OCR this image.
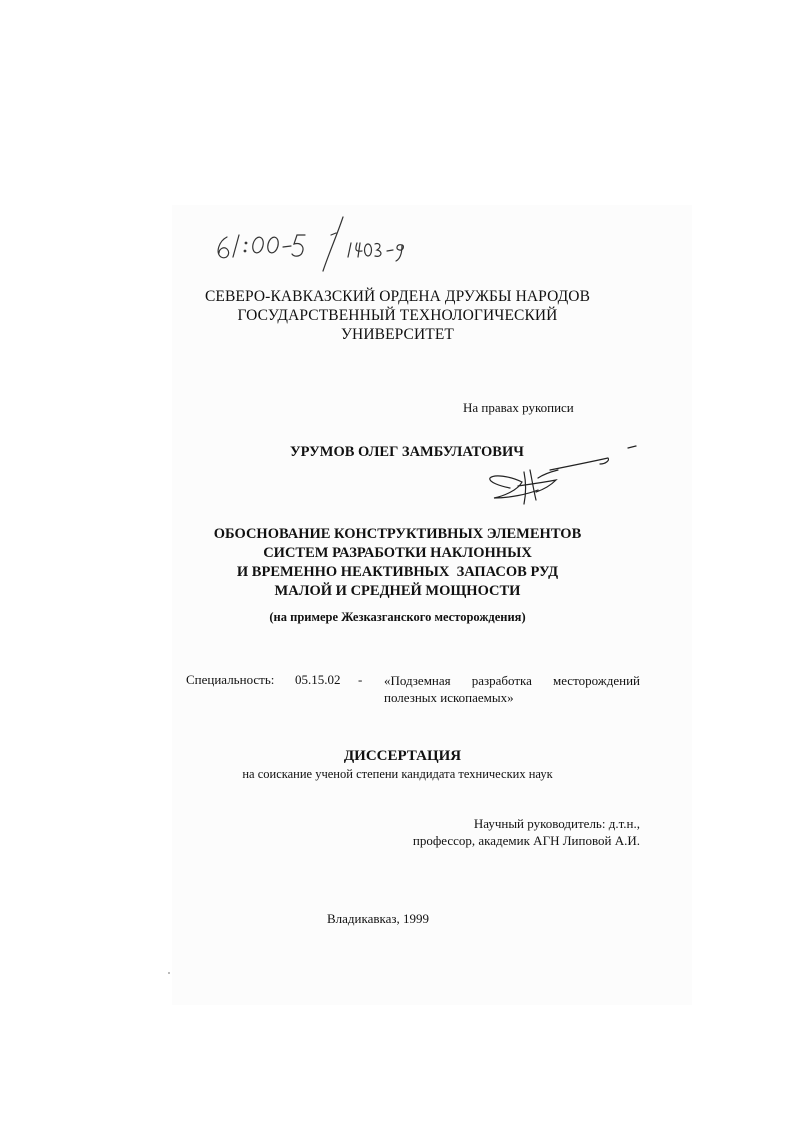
СЕВЕРО-КАВКАЗСКИЙ ОРДЕНА ДРУЖБЫ НАРОДОВ
ГОСУДАРСТВЕННЫЙ ТЕХНОЛОГИЧЕСКИЙ
УНИВЕРСИТЕТ
На правах рукописи
УРУМОВ ОЛЕГ ЗАМБУЛАТОВИЧ
ОБОСНОВАНИЕ КОНСТРУКТИВНЫХ ЭЛЕМЕНТОВ
СИСТЕМ РАЗРАБОТКИ НАКЛОННЫХ
И ВРЕМЕННО НЕАКТИВНЫХ  ЗАПАСОВ РУД
МАЛОЙ И СРЕДНЕЙ МОЩНОСТИ
(на примере Жезказганского месторождения)
Специальность: 05.15.02 - «Подземная разработка месторождений
полезных ископаемых»
ДИССЕРТАЦИЯ
на соискание ученой степени кандидата технических наук
Научный руководитель: д.т.н.,
профессор, академик АГН Липовой А.И.
Владикавказ, 1999
